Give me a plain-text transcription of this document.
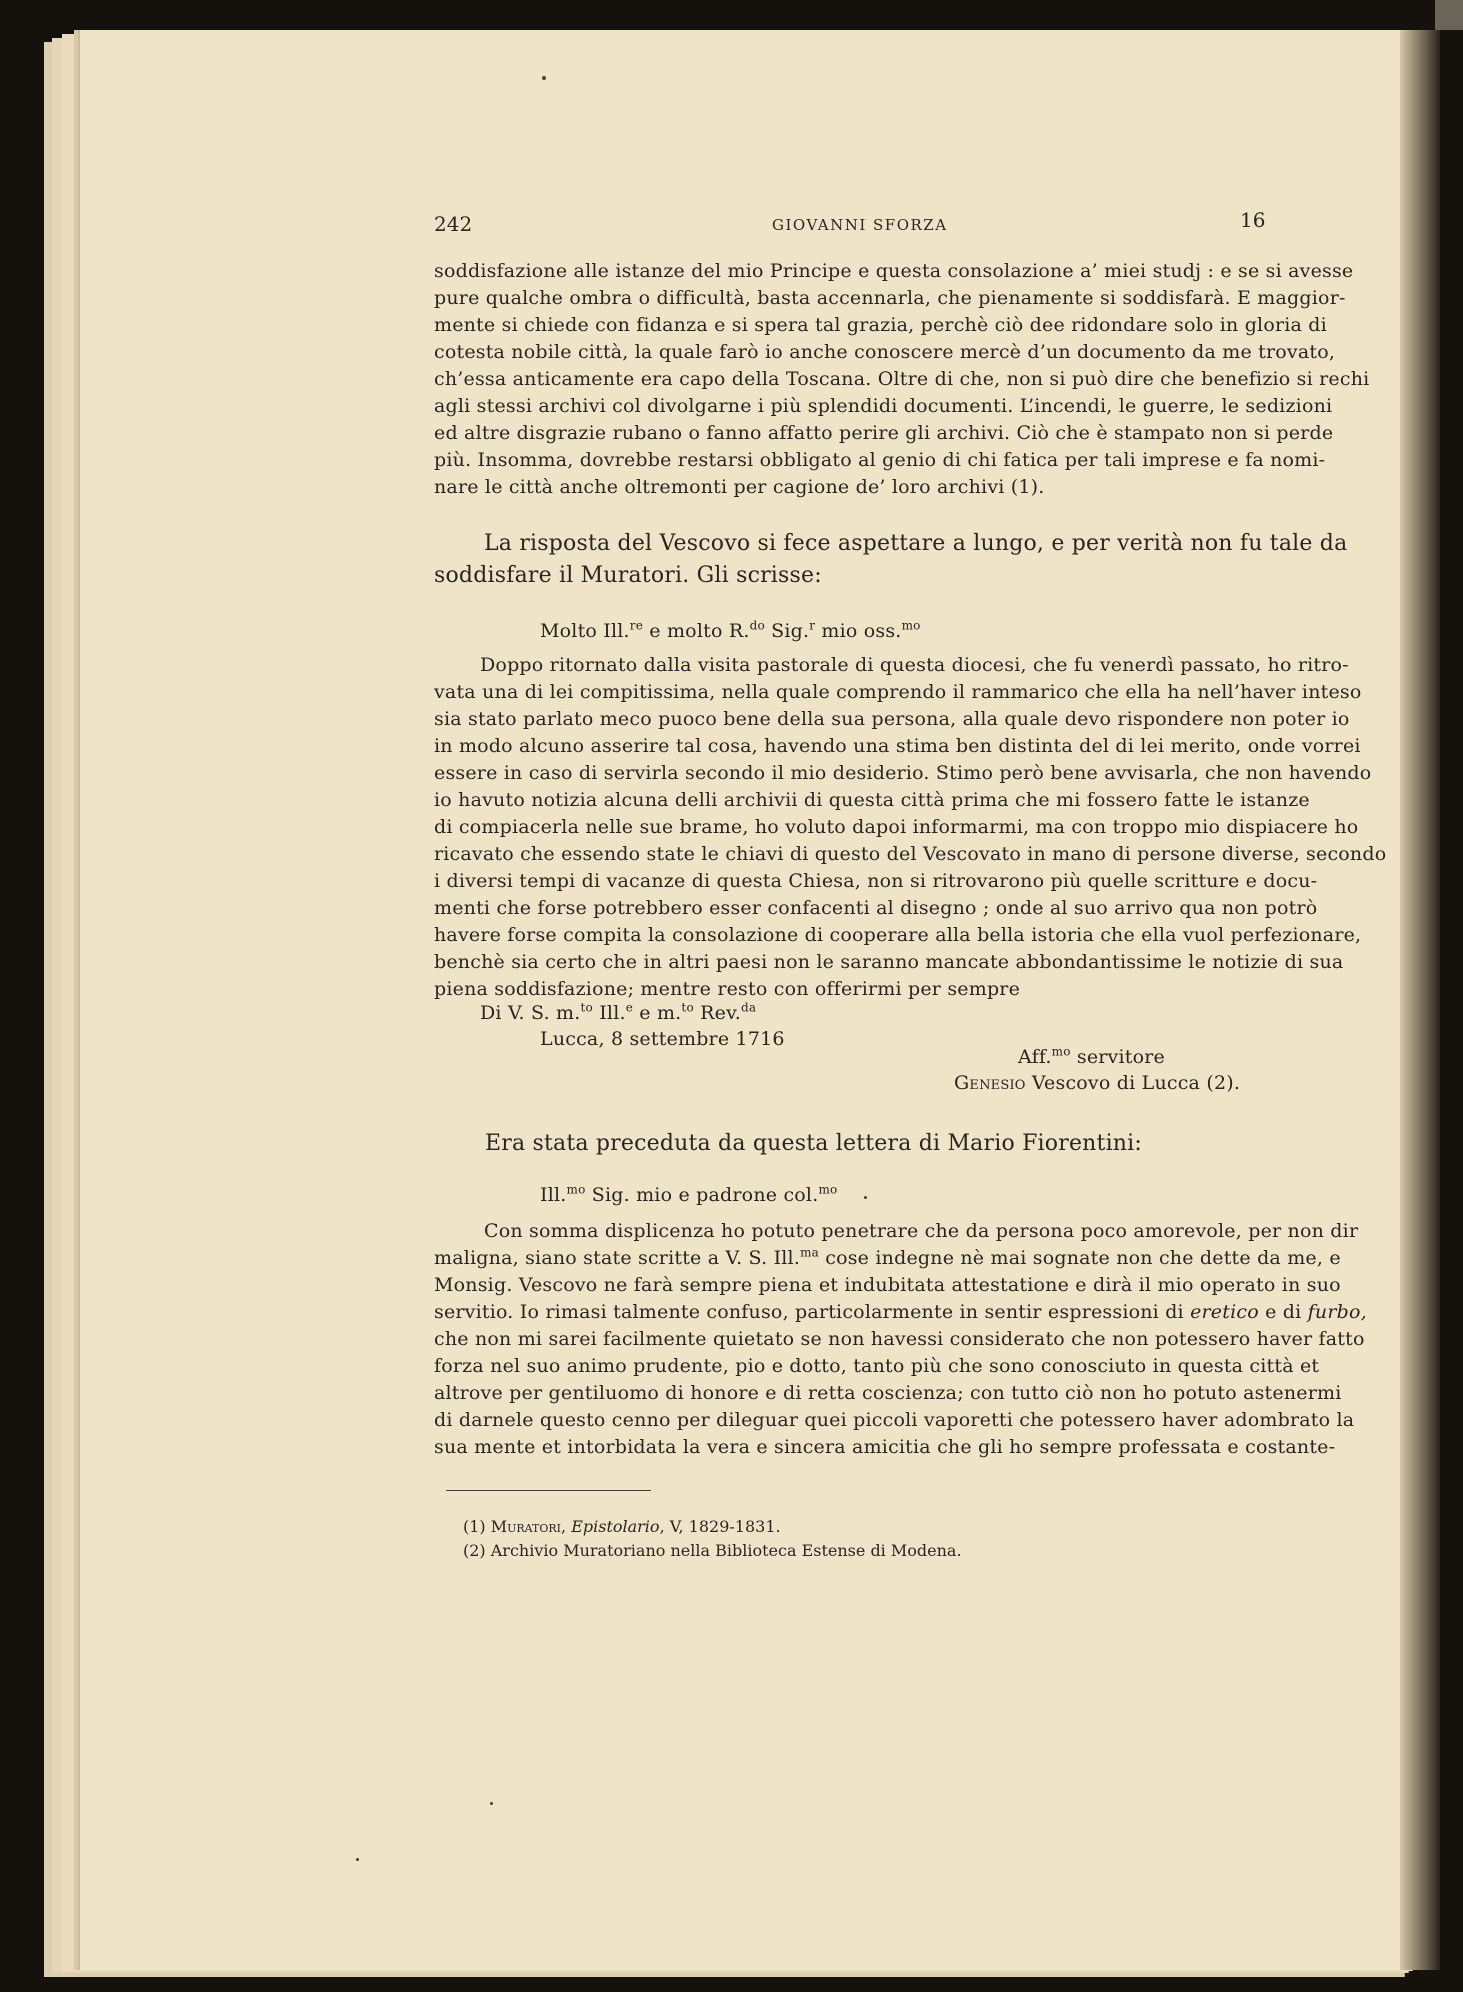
242	GIOVANNI SFORZA	16
soddisfazione alle istanze del mio Principe e questa consolazione a’ miei studj : e se si avesse
pure qualche ombra o difficultà, basta accennarla, che pienamente si soddisfarà. E maggior-
mente si chiede con fidanza e si spera tal grazia, perchè ciò dee ridondare solo in gloria di
cotesta nobile città, la quale farò io anche conoscere mercè d’un documento da me trovato,
ch’essa anticamente era capo della Toscana. Oltre di che, non si può dire che benefizio si rechi
agli stessi archivi col divolgarne i più splendidi documenti. L’incendi, le guerre, le sedizioni
ed altre disgrazie rubano o fanno affatto perire gli archivi. Ciò che è stampato non si perde
più. Insomma, dovrebbe restarsi obbligato al genio di chi fatica per tali imprese e fa nomi-
nare le città anche oltremonti per cagione de’ loro archivi (1).
La risposta del Vescovo si fece aspettare a lungo, e per verità non fu tale da
soddisfare il Muratori. Gli scrisse:
Molto Ill.$^{re}$ e molto R.$^{do}$ Sig.$^r$ mio oss.$^{mo}$
Doppo ritornato dalla visita pastorale di questa diocesi, che fu venerdì passato, ho ritro-
vata una di lei compitissima, nella quale comprendo il rammarico che ella ha nell’haver inteso
sia stato parlato meco puoco bene della sua persona, alla quale devo rispondere non poter io
in modo alcuno asserire tal cosa, havendo una stima ben distinta del di lei merito, onde vorrei
essere in caso di servirla secondo il mio desiderio. Stimo però bene avvisarla, che non havendo
io havuto notizia alcuna delli archivii di questa città prima che mi fossero fatte le istanze
di compiacerla nelle sue brame, ho voluto dapoi informarmi, ma con troppo mio dispiacere ho
ricavato che essendo state le chiavi di questo del Vescovato in mano di persone diverse, secondo
i diversi tempi di vacanze di questa Chiesa, non si ritrovarono più quelle scritture e docu-
menti che forse potrebbero esser confacenti al disegno ; onde al suo arrivo qua non potrò
havere forse compita la consolazione di cooperare alla bella istoria che ella vuol perfezionare,
benchè sia certo che in altri paesi non le saranno mancate abbondantissime le notizie di sua
piena soddisfazione; mentre resto con offerirmi per sempre
Di V. S. m.$^{to}$ Ill.$^e$ e m.$^{to}$ Rev.$^{da}$
Lucca, 8 settembre 1716
Aff.$^{mo}$ servitore
Genesio Vescovo di Lucca (2).
Era stata preceduta da questa lettera di Mario Fiorentini:
Ill.$^{mo}$ Sig. mio e padrone col.$^{mo}$
Con somma displicenza ho potuto penetrare che da persona poco amorevole, per non dir
maligna, siano state scritte a V. S. Ill.$^{ma}$ cose indegne nè mai sognate non che dette da me, e
Monsig. Vescovo ne farà sempre piena et indubitata attestatione e dirà il mio operato in suo
servitio. Io rimasi talmente confuso, particolarmente in sentir espressioni di eretico e di furbo,
che non mi sarei facilmente quietato se non havessi considerato che non potessero haver fatto
forza nel suo animo prudente, pio e dotto, tanto più che sono conosciuto in questa città et
altrove per gentiluomo di honore e di retta coscienza; con tutto ciò non ho potuto astenermi
di darnele questo cenno per dileguar quei piccoli vaporetti che potessero haver adombrato la
sua mente et intorbidata la vera e sincera amicitia che gli ho sempre professata e costante-
(1) Muratori, Epistolario, V, 1829-1831.
(2) Archivio Muratoriano nella Biblioteca Estense di Modena.
